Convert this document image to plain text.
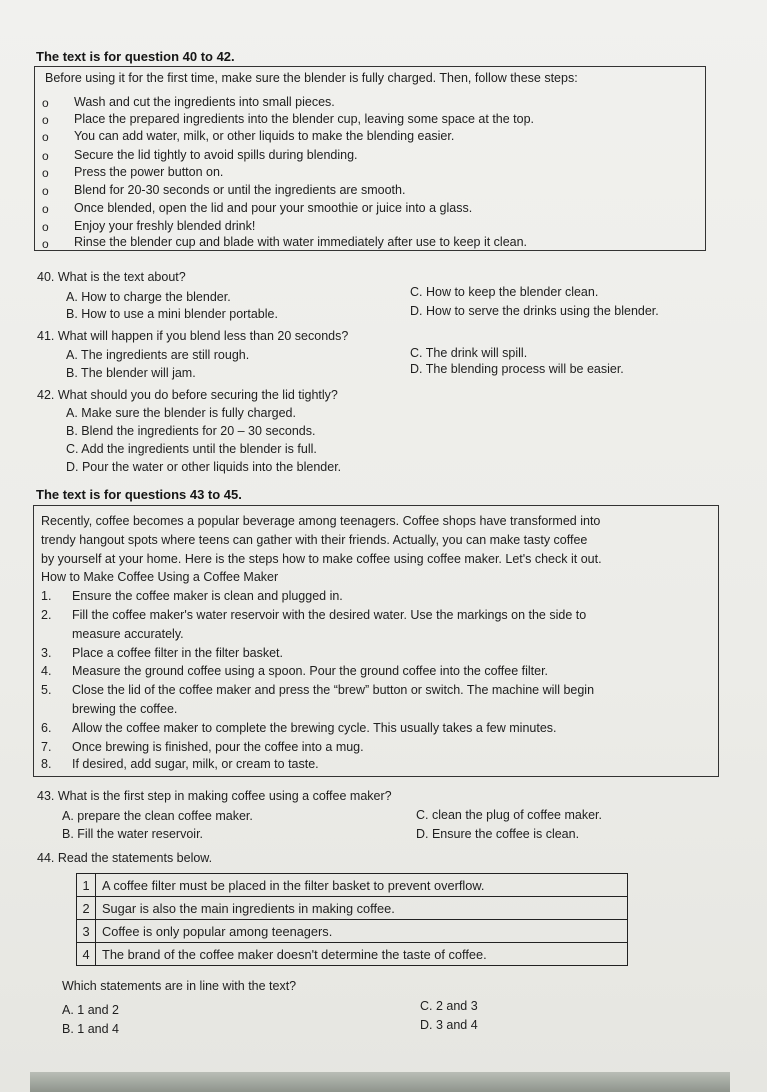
The text is for question 40 to 42.
Before using it for the first time, make sure the blender is fully charged. Then, follow these steps:
o Wash and cut the ingredients into small pieces.
o Place the prepared ingredients into the blender cup, leaving some space at the top.
o You can add water, milk, or other liquids to make the blending easier.
o Secure the lid tightly to avoid spills during blending.
o Press the power button on.
o Blend for 20-30 seconds or until the ingredients are smooth.
o Once blended, open the lid and pour your smoothie or juice into a glass.
o Enjoy your freshly blended drink!
o Rinse the blender cup and blade with water immediately after use to keep it clean.
40. What is the text about?
A. How to charge the blender.
B. How to use a mini blender portable.
C. How to keep the blender clean.
D. How to serve the drinks using the blender.
41. What will happen if you blend less than 20 seconds?
A. The ingredients are still rough.
B. The blender will jam.
C. The drink will spill.
D. The blending process will be easier.
42. What should you do before securing the lid tightly?
A. Make sure the blender is fully charged.
B. Blend the ingredients for 20 – 30 seconds.
C. Add the ingredients until the blender is full.
D. Pour the water or other liquids into the blender.
The text is for questions 43 to 45.
Recently, coffee becomes a popular beverage among teenagers. Coffee shops have transformed into
trendy hangout spots where teens can gather with their friends. Actually, you can make tasty coffee
by yourself at your home. Here is the steps how to make coffee using coffee maker. Let's check it out.
How to Make Coffee Using a Coffee Maker
1. Ensure the coffee maker is clean and plugged in.
2. Fill the coffee maker's water reservoir with the desired water. Use the markings on the side to
measure accurately.
3. Place a coffee filter in the filter basket.
4. Measure the ground coffee using a spoon. Pour the ground coffee into the coffee filter.
5. Close the lid of the coffee maker and press the “brew” button or switch. The machine will begin
brewing the coffee.
6. Allow the coffee maker to complete the brewing cycle. This usually takes a few minutes.
7. Once brewing is finished, pour the coffee into a mug.
8. If desired, add sugar, milk, or cream to taste.
43. What is the first step in making coffee using a coffee maker?
A. prepare the clean coffee maker.
B. Fill the water reservoir.
C. clean the plug of coffee maker.
D. Ensure the coffee is clean.
44. Read the statements below.
1	A coffee filter must be placed in the filter basket to prevent overflow.
2	Sugar is also the main ingredients in making coffee.
3	Coffee is only popular among teenagers.
4	The brand of the coffee maker doesn't determine the taste of coffee.
Which statements are in line with the text?
A. 1 and 2
B. 1 and 4
C. 2 and 3
D. 3 and 4
